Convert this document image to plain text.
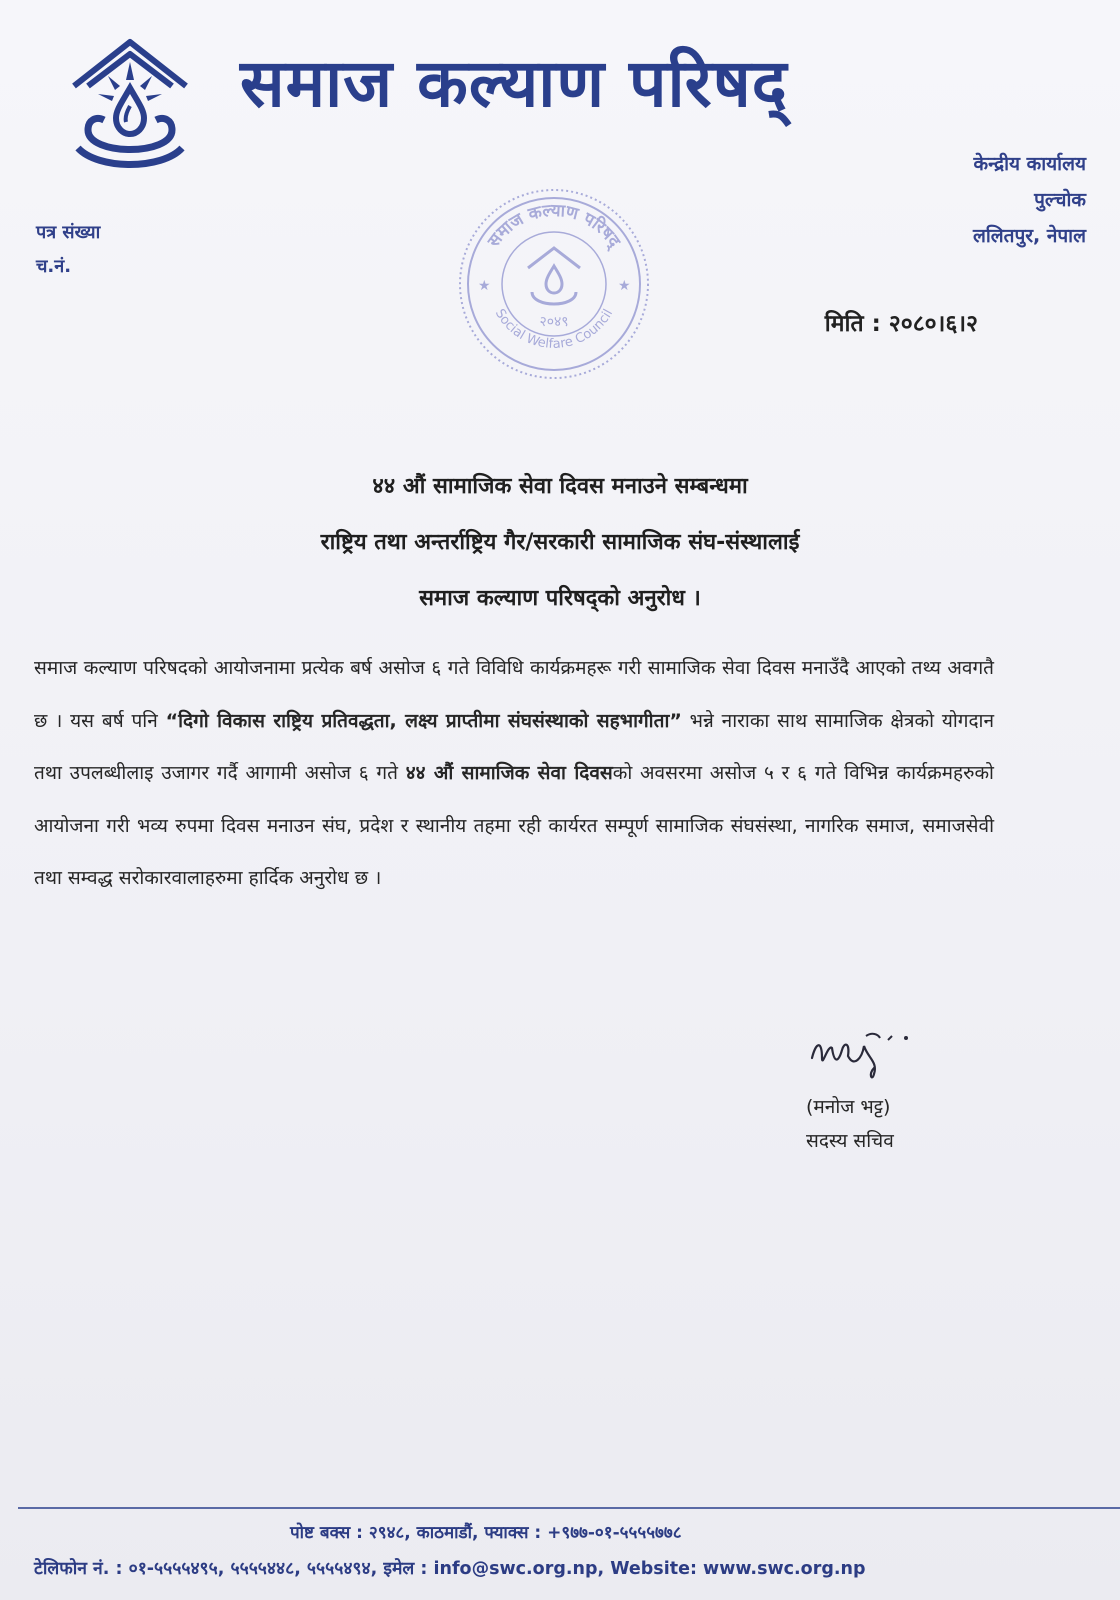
समाज कल्याण परिषद्
केन्द्रीय कार्यालय
पुल्चोक
ललितपुर, नेपाल
पत्र संख्या
च.नं.
समाज कल्याण परिषद्
Social Welfare Council
★	★
२०४९	मिति : २०८०।६।२
४४ औं सामाजिक सेवा दिवस मनाउने सम्बन्धमा
राष्ट्रिय तथा अन्तर्राष्ट्रिय गैर/सरकारी सामाजिक संघ-संस्थालाई
समाज कल्याण परिषद्को अनुरोध ।
समाज कल्याण परिषदको आयोजनामा प्रत्येक बर्ष असोज ६ गते विविधि कार्यक्रमहरू गरी सामाजिक सेवा दिवस मनाउँदै आएको तथ्य अवगतै छ । यस बर्ष पनि “दिगो विकास राष्ट्रिय प्रतिवद्धता, लक्ष्य प्राप्तीमा संघसंस्थाको सहभागीता” भन्ने नाराका साथ सामाजिक क्षेत्रको योगदान तथा उपलब्धीलाइ उजागर गर्दै आगामी असोज ६ गते ४४ औं सामाजिक सेवा दिवसको अवसरमा असोज ५ र ६ गते विभिन्न कार्यक्रमहरुको आयोजना गरी भव्य रुपमा दिवस मनाउन संघ, प्रदेश र स्थानीय तहमा रही कार्यरत सम्पूर्ण सामाजिक संघसंस्था, नागरिक समाज, समाजसेवी तथा सम्वद्ध सरोकारवालाहरुमा हार्दिक अनुरोध छ ।
(मनोज भट्ट)
सदस्य सचिव
पोष्ट बक्स : २९४८, काठमाडौं, फ्याक्स : +९७७-०१-५५५५७७८
टेलिफोन नं. : ०१-५५५५४९५, ५५५५४४८, ५५५५४९४, इमेल : info@swc.org.np, Website: www.swc.org.np
